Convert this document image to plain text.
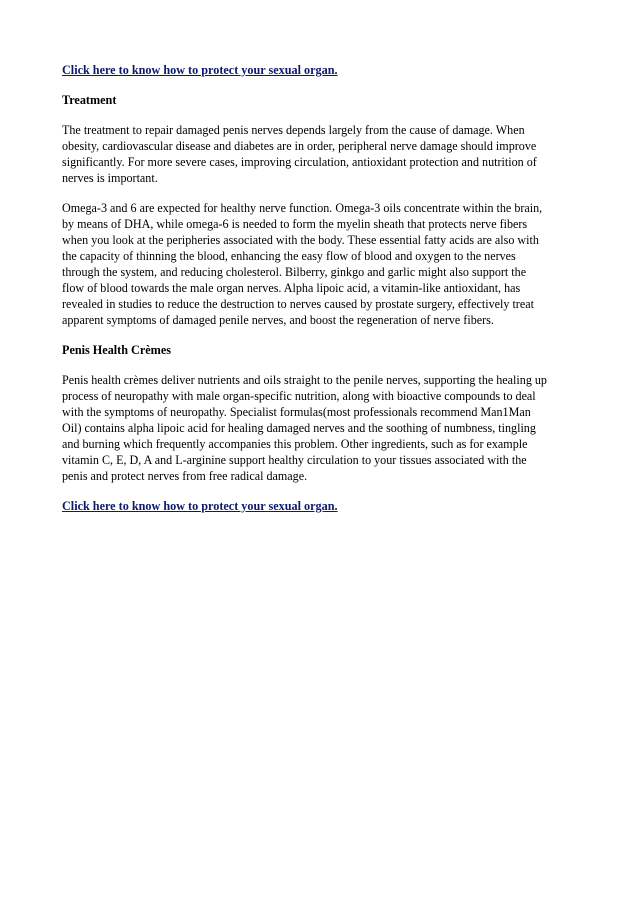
Click here to know how to protect your sexual organ.
Treatment
The treatment to repair damaged penis nerves depends largely from the cause of damage. When
obesity, cardiovascular disease and diabetes are in order, peripheral nerve damage should improve
significantly. For more severe cases, improving circulation, antioxidant protection and nutrition of
nerves is important.
Omega-3 and 6 are expected for healthy nerve function. Omega-3 oils concentrate within the brain,
by means of DHA, while omega-6 is needed to form the myelin sheath that protects nerve fibers
when you look at the peripheries associated with the body. These essential fatty acids are also with
the capacity of thinning the blood, enhancing the easy flow of blood and oxygen to the nerves
through the system, and reducing cholesterol. Bilberry, ginkgo and garlic might also support the
flow of blood towards the male organ nerves. Alpha lipoic acid, a vitamin-like antioxidant, has
revealed in studies to reduce the destruction to nerves caused by prostate surgery, effectively treat
apparent symptoms of damaged penile nerves, and boost the regeneration of nerve fibers.
Penis Health Crèmes
Penis health crèmes deliver nutrients and oils straight to the penile nerves, supporting the healing up
process of neuropathy with male organ-specific nutrition, along with bioactive compounds to deal
with the symptoms of neuropathy. Specialist formulas(most professionals recommend Man1Man
Oil) contains alpha lipoic acid for healing damaged nerves and the soothing of numbness, tingling
and burning which frequently accompanies this problem. Other ingredients, such as for example
vitamin C, E, D, A and L-arginine support healthy circulation to your tissues associated with the
penis and protect nerves from free radical damage.
Click here to know how to protect your sexual organ.
